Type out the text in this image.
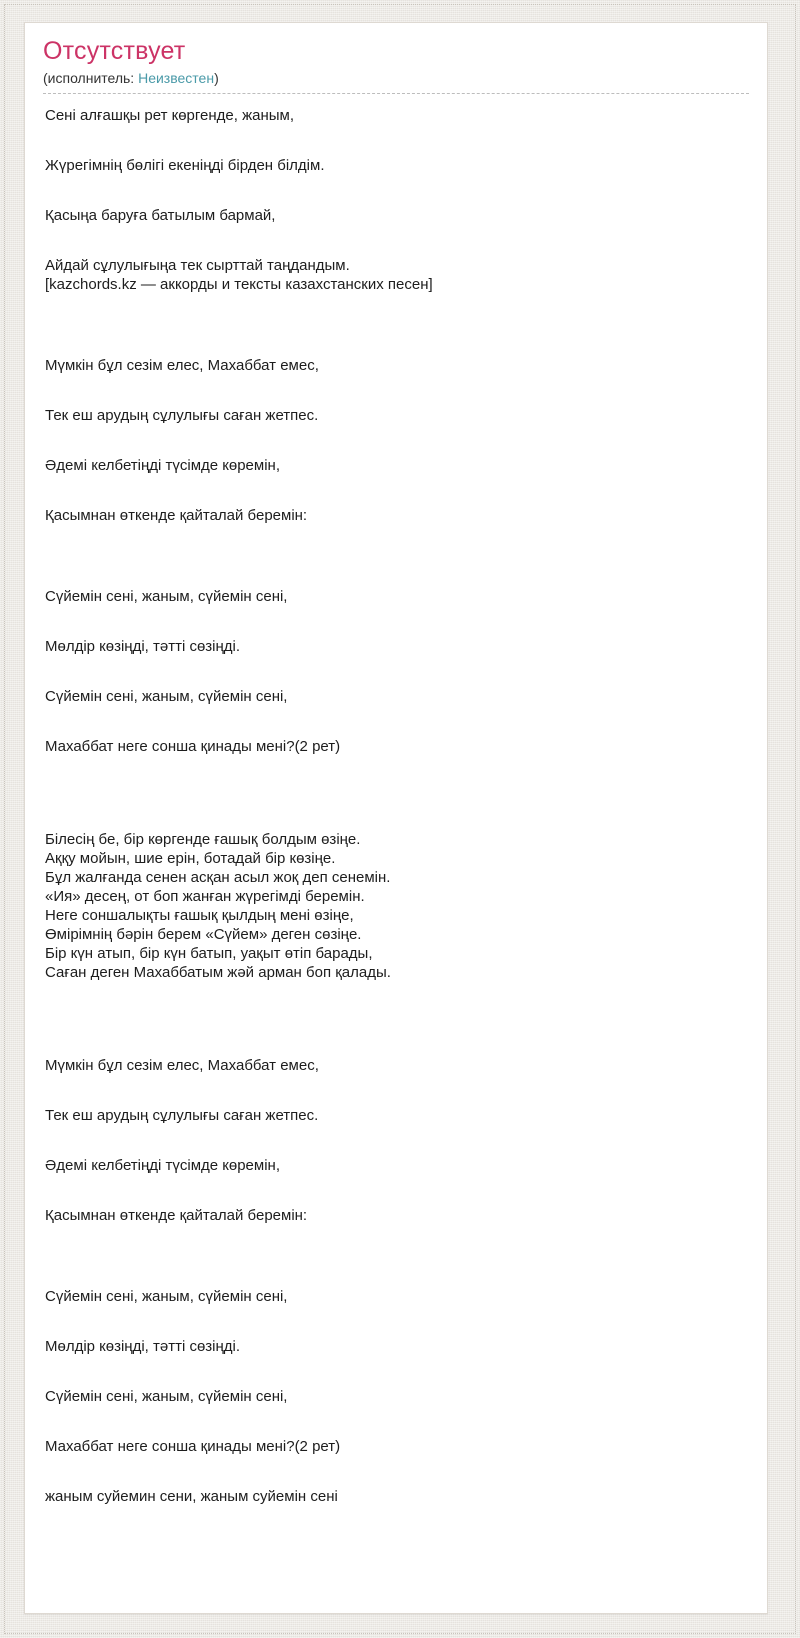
Отсутствует
(исполнитель: Неизвестен)

Сені алғашқы рет көргенде, жаным,

Жүрегімнің бөлігі екеніңді бірден білдім.

Қасыңа баруға батылым бармай,

Айдай сұлулығыңа тек сырттай таңдандым.

[kazchords.kz — аккорды и тексты казахстанских песен]

Мүмкін бұл сезім елес, Махаббат емес,

Тек еш арудың сұлулығы саған жетпес.

Әдемі келбетіңді түсімде көремін,

Қасымнан өткенде қайталай беремін:

Сүйемін сені, жаным, сүйемін сені,

Мөлдір көзіңді, тәтті сөзіңді.

Сүйемін сені, жаным, сүйемін сені,

Махаббат неге сонша қинады мені?(2 рет)

Білесің бе, бір көргенде ғашық болдым өзіңе.

Аққу мойын, шие ерін, ботадай бір көзіңе.

Бұл жалғанда сенен асқан асыл жоқ деп сенемін.

«Ия» десең, от боп жанған жүрегімді беремін.

Неге соншалықты ғашық қылдың мені өзіңе,

Өмірімнің бәрін берем «Сүйем» деген сөзіңе.

Бір күн атып, бір күн батып, уақыт өтіп барады,

Саған деген Махаббатым жәй арман боп қалады.

Мүмкін бұл сезім елес, Махаббат емес,

Тек еш арудың сұлулығы саған жетпес.

Әдемі келбетіңді түсімде көремін,

Қасымнан өткенде қайталай беремін:

Сүйемін сені, жаным, сүйемін сені,

Мөлдір көзіңді, тәтті сөзіңді.

Сүйемін сені, жаным, сүйемін сені,

Махаббат неге сонша қинады мені?(2 рет)

жаным суйемин сени, жаным суйемін сені
